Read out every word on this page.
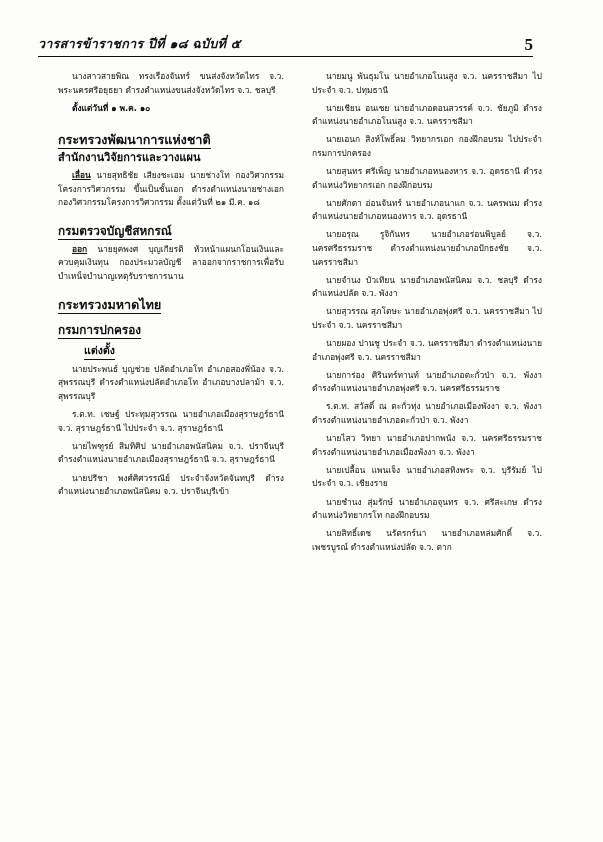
วารสารข้าราชการ ปีที่ ๑๘ ฉบับที่ ๕	5

นางสาวสายพิณ ทรงเรืองจันทร์ ขนส่งจังหวัดไทร จ.ว. พระนครศรีอยุธยา ดำรงตำแหน่งขนส่งจังหวัดไทร จ.ว. ชลบุรี

ตั้งแต่วันที่ ๑ พ.ค. ๑๐

กระทรวงพัฒนาการแห่งชาติ
สำนักงานวิจัยการและวางแผน

เลื่อน นายสุทธิชัย เสียงชะเอม นายช่างโท กองวิศวกรรมโครงการวิศวกรรม ขึ้นเป็นชั้นเอก ดำรงตำแหน่งนายช่างเอก กองวิศวกรรมโครงการวิศวกรรม ตั้งแต่วันที่ ๒๑ มี.ค. ๑๘

กรมตรวจบัญชีสหกรณ์

ออก นายยุคพงศ บุญเกียรติ หัวหน้าแผนกโอนเงินและควบคุมเงินทุน กองประมวลบัญชี ลาออกจากราชการเพื่อรับบำเหน็จบำนาญเหตุรับราชการนาน

กระทรวงมหาดไทย
กรมการปกครอง
แต่งตั้ง

นายประพนธ์ บุญช่วย ปลัดอำเภอโท อำเภอสองพี่น้อง จ.ว. สุพรรณบุรี ดำรงตำแหน่งปลัดอำเภอโท อำเภอบางปลาม้า จ.ว. สุพรรณบุรี

ร.ต.ท. เชษฐ์ ประทุมสุวรรณ นายอำเภอเมืองสุราษฎร์ธานี จ.ว. สุราษฎร์ธานี ไปประจำ จ.ว. สุราษฎร์ธานี

นายไพฑูรย์ สิมทิศิป นายอำเภอพนัสนิคม จ.ว. ปราจีนบุรี ดำรงตำแหน่งนายอำเภอเมืองสุราษฎร์ธานี จ.ว. สุราษฎร์ธานี

นายปรีชา พงศ์ศิศวรรณีย์ ประจำจังหวัดจันทบุรี ดำรงตำแหน่งนายอำเภอพนัสนิคม จ.ว. ปราจีนบุรีเข้า

นายมนู พันธุมโน นายอำเภอโนนสูง จ.ว. นครราชสีมา ไปประจำ จ.ว. ปทุมธานี

นายเชียน อนเชย นายอำเภอดอนสวรรค์ จ.ว. ชัยภูมิ ดำรงตำแหน่งนายอำเภอโนนสูง จ.ว. นครราชสีมา

นายเอนก สิงห์โพธิ์ลม วิทยากรเอก กองฝึกอบรม ไปประจำกรมการปกครอง

นายสุนทร ศรีเพ็ญ นายอำเภอหนองหาร จ.ว. อุดรธานี ดำรงตำแหน่งวิทยากรเอก กองฝึกอบรม

นายศักดา อ่อนจันทร์ นายอำเภอนาแก จ.ว. นครพนม ดำรงตำแหน่งนายอำเภอหนองหาร จ.ว. อุดรธานี

นายอรุณ รูจิกันทร นายอำเภอร่อนพิบูลย์ จ.ว. นครศรีธรรมราช ดำรงตำแหน่งนายอำเภอปักธงชัย จ.ว. นครราชสีมา

นายจำนง บัวเทียน นายอำเภอพนัสนิคม จ.ว. ชลบุรี ดำรงตำแหน่งปลัด จ.ว. พังงา

นายสุวรรณ สุภโตษะ นายอำเภอพุ่งศรี จ.ว. นครราชสีมา ไปประจำ จ.ว. นครราชสีมา

นายผอง ปานชู ประจำ จ.ว. นครราชสีมา ดำรงตำแหน่งนายอำเภอพุ่งศรี จ.ว. นครราชสีมา

นายการ่อง ศิรินทร์ทานท์ นายอำเภอตะกั่วป่า จ.ว. พังงา ดำรงตำแหน่งนายอำเภอพุ่งศรี จ.ว. นครศรีธรรมราช

ร.ต.ท. สวัสดิ์ ณ ตะกั่วทุ่ง นายอำเภอเมืองพังงา จ.ว. พังงา ดำรงตำแหน่งนายอำเภอตะกั่วป่า จ.ว. พังงา

นายไสว วิทยา นายอำเภอปากพนัง จ.ว. นครศรีธรรมราช ดำรงตำแหน่งนายอำเภอเมืองพังงา จ.ว. พังงา

นายเปลื้อน แพนเจ็ง นายอำเภอสทิงพระ จ.ว. บุรีรัมย์ ไปประจำ จ.ว. เชียงราย

นายชำนง สุ่มรักษ์ นายอำเภอจุนทร จ.ว. ศรีสะเกษ ดำรงตำแหน่งวิทยากรโท กองฝึกอบรม

นายสิทธิ์เดช นรัตรกร์นา นายอำเภอหล่มศักดิ์ จ.ว. เพชรบูรณ์ ดำรงตำแหน่งปลัด จ.ว. ตาก
